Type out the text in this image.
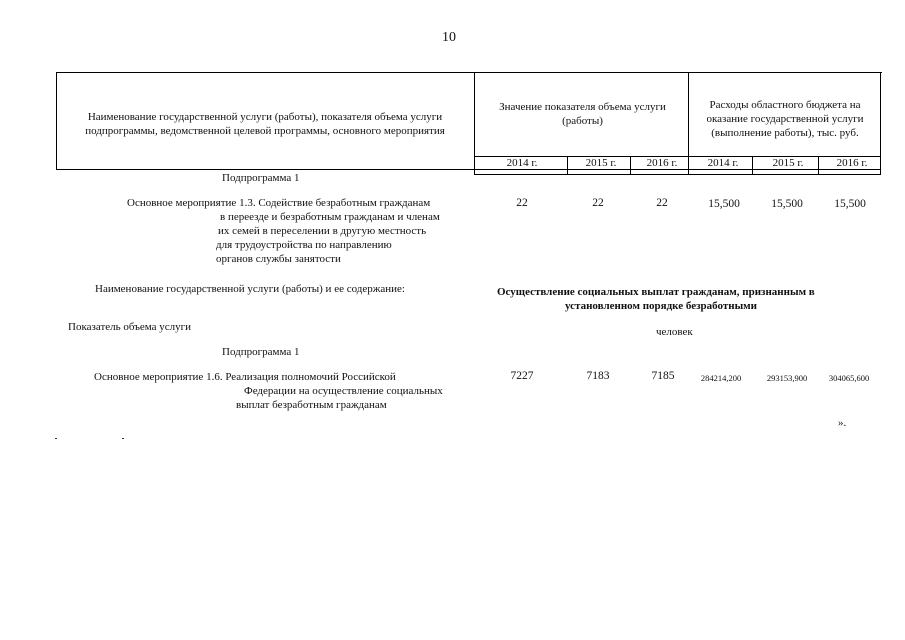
10
Наименование государственной услуги (работы), показателя объема услуги подпрограммы, ведомственной целевой программы, основного мероприятия
Значение показателя объема услуги (работы)
Расходы областного бюджета на оказание государственной услуги (выполнение работы), тыс. руб.
2014 г.	2015 г.	2016 г.	2014 г.	2015 г.	2016 г.
Подпрограмма 1
Основное мероприятие 1.3. Содействие безработным гражданам
в переезде и безработным гражданам и членам
их семей в переселении в другую местность
для трудоустройства по направлению
органов службы занятости
22	22	22	15,500	15,500	15,500
Наименование государственной услуги (работы) и ее содержание:	Осуществление социальных выплат гражданам, признанным в
установленном порядке безработными
Показатель объема услуги	человек
Подпрограмма 1
Основное мероприятие 1.6. Реализация полномочий Российской
Федерации на осуществление социальных
выплат безработным гражданам
7227	7183	7185	284214,200	293153,900	304065,600
».
